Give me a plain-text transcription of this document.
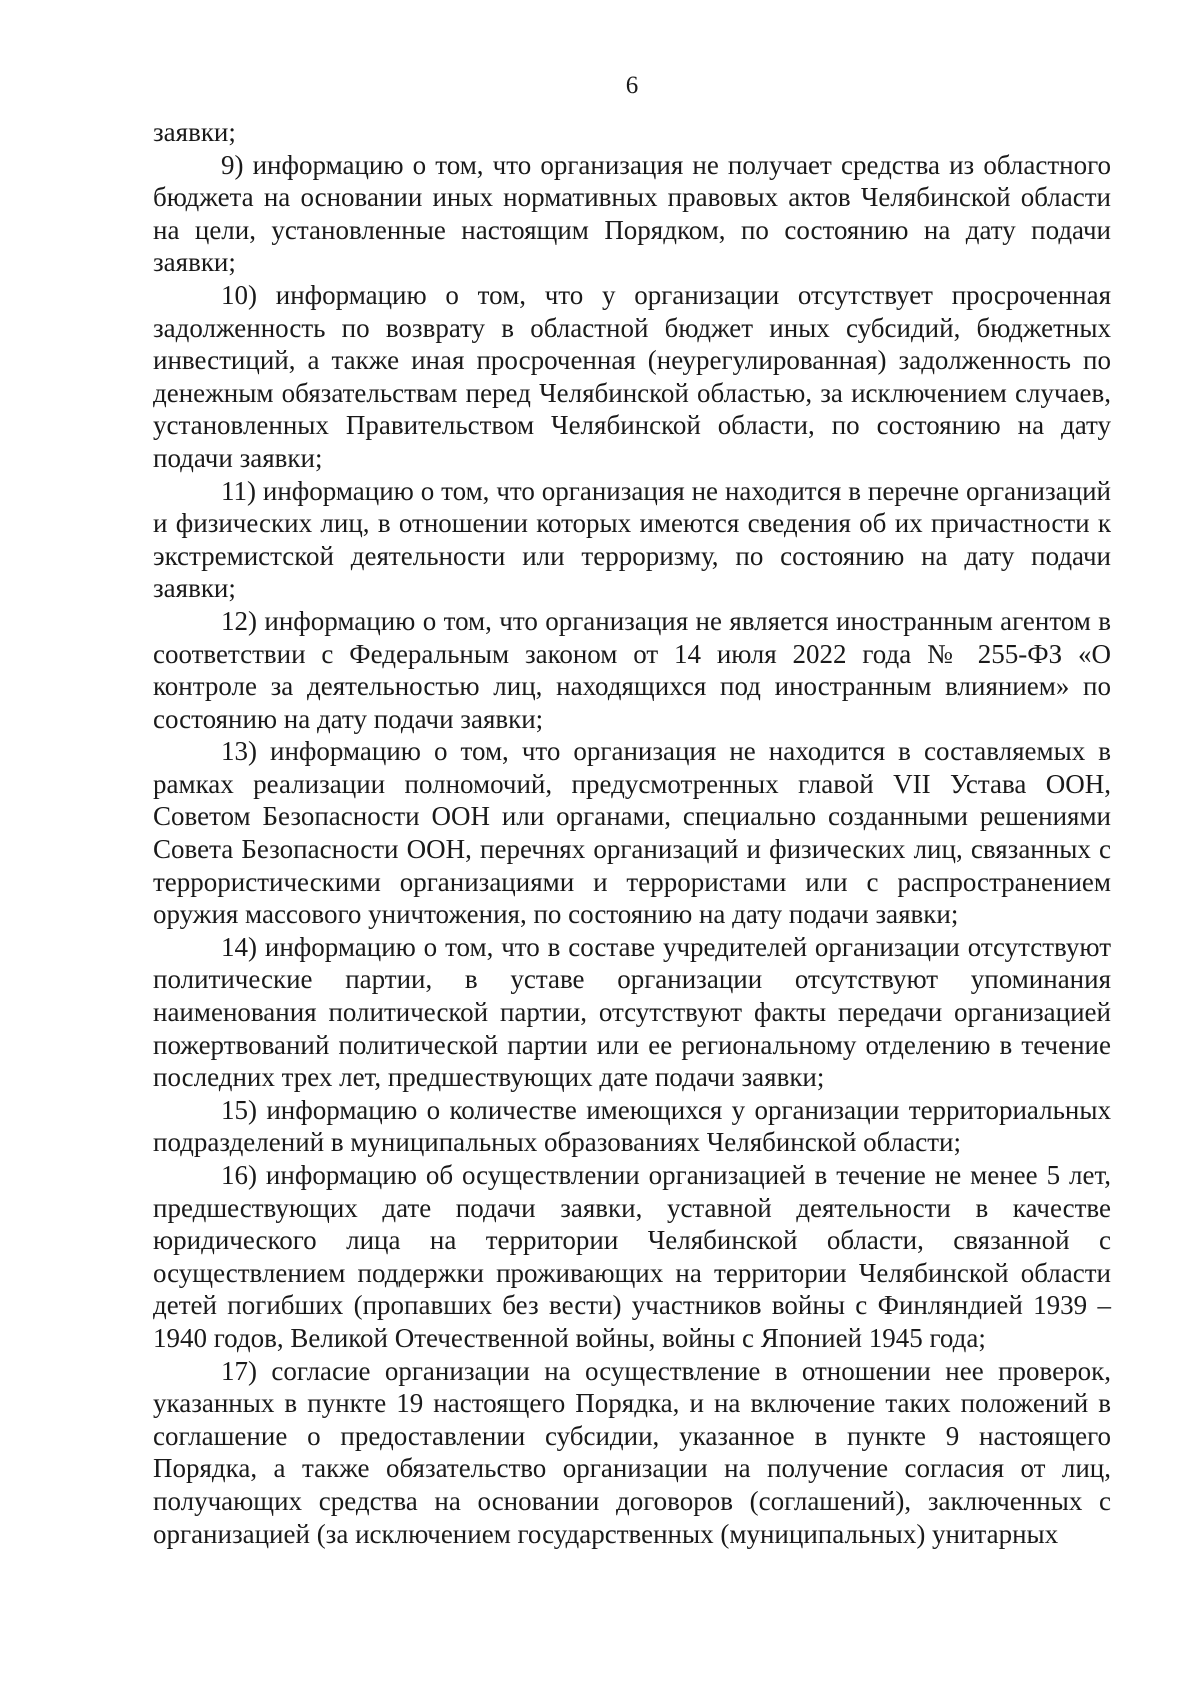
6

заявки;

9) информацию о том, что организация не получает средства из областного бюджета на основании иных нормативных правовых актов Челябинской области на цели, установленные настоящим Порядком, по состоянию на дату подачи заявки;

10) информацию о том, что у организации отсутствует просроченная задолженность по возврату в областной бюджет иных субсидий, бюджетных инвестиций, а также иная просроченная (неурегулированная) задолженность по денежным обязательствам перед Челябинской областью, за исключением случаев, установленных Правительством Челябинской области, по состоянию на дату подачи заявки;

11) информацию о том, что организация не находится в перечне организаций и физических лиц, в отношении которых имеются сведения об их причастности к экстремистской деятельности или терроризму, по состоянию на дату подачи заявки;

12) информацию о том, что организация не является иностранным агентом в соответствии с Федеральным законом от 14 июля 2022 года № 255-ФЗ «О контроле за деятельностью лиц, находящихся под иностранным влиянием» по состоянию на дату подачи заявки;

13) информацию о том, что организация не находится в составляемых в рамках реализации полномочий, предусмотренных главой VII Устава ООН, Советом Безопасности ООН или органами, специально созданными решениями Совета Безопасности ООН, перечнях организаций и физических лиц, связанных с террористическими организациями и террористами или с распространением оружия массового уничтожения, по состоянию на дату подачи заявки;

14) информацию о том, что в составе учредителей организации отсутствуют политические партии, в уставе организации отсутствуют упоминания наименования политической партии, отсутствуют факты передачи организацией пожертвований политической партии или ее региональному отделению в течение последних трех лет, предшествующих дате подачи заявки;

15) информацию о количестве имеющихся у организации территориальных подразделений в муниципальных образованиях Челябинской области;

16) информацию об осуществлении организацией в течение не менее 5 лет, предшествующих дате подачи заявки, уставной деятельности в качестве юридического лица на территории Челябинской области, связанной с осуществлением поддержки проживающих на территории Челябинской области детей погибших (пропавших без вести) участников войны с Финляндией 1939 – 1940 годов, Великой Отечественной войны, войны с Японией 1945 года;

17) согласие организации на осуществление в отношении нее проверок, указанных в пункте 19 настоящего Порядка, и на включение таких положений в соглашение о предоставлении субсидии, указанное в пункте 9 настоящего Порядка, а также обязательство организации на получение согласия от лиц, получающих средства на основании договоров (соглашений), заключенных с организацией (за исключением государственных (муниципальных) унитарных
